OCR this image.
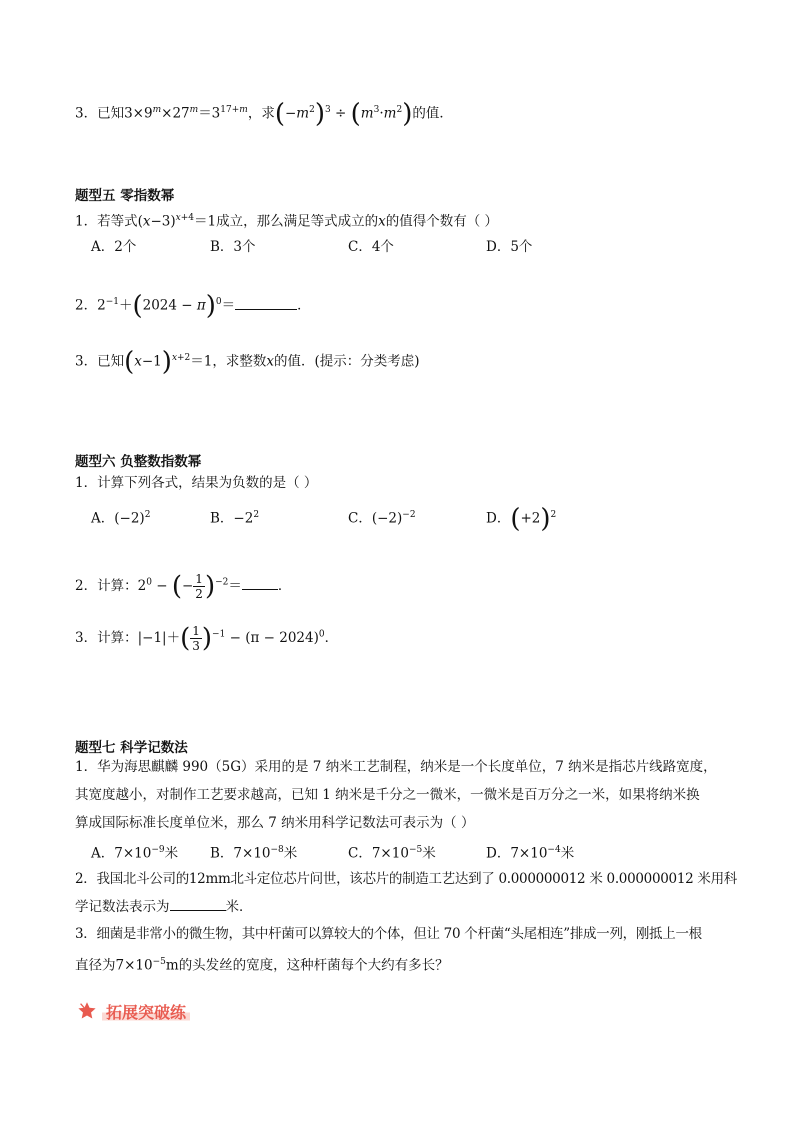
3．已知$3\times 9^m\times 27^m=3^{17+m}$，求$(-m^2)^3 \div (m^3\cdot m^2)$的值．
题型五 零指数幂
1．若等式$(x-3)^{x+4}=1$成立，那么满足等式成立的x的值得个数有（ ）
A．2个	B．3个	C．4个	D．5个
2．$2^{-1}+(2024 - \pi)^0=$	．
3．已知$(x-1)^{x+2}=1$，求整数x的值．(提示：分类考虑)
题型六 负整数指数幂
1．计算下列各式，结果为负数的是（ ）
A．$(-2)^2$	B．$-2^2$	C．$(-2)^{-2}$	D．$(+2)^2$
2．计算：$2^0$ − (− $\frac{1}{2} )^{-2}=$	．
3．计算：$|-1|+( \frac{1}{3} )^{-1} - (\pi - 2024)^0$．
题型七 科学记数法
1．华为海思麒麟 990（5G）采用的是 7 纳米工艺制程，纳米是一个长度单位，7 纳米是指芯片线路宽度，
其宽度越小，对制作工艺要求越高，已知 1 纳米是千分之一微米，一微米是百万分之一米，如果将纳米换
算成国际标准长度单位米，那么 7 纳米用科学记数法可表示为（ ）
A．$7\times 10^{-9}$米 B．$7\times 10^{-8}$米	C．$7\times 10^{-5}$米	D．$7\times 10^{-4}$米
2．我国北斗公司的12mm北斗定位芯片问世，该芯片的制造工艺达到了 0.000000012 米 0.000000012 米用科
学记数法表示为	米．
3．细菌是非常小的微生物，其中杆菌可以算较大的个体，但让 70 个杆菌“头尾相连”排成一列，刚抵上一根
直径为$7\times 10^{-5}m$的头发丝的宽度，这种杆菌每个大约有多长？
拓展突破练
